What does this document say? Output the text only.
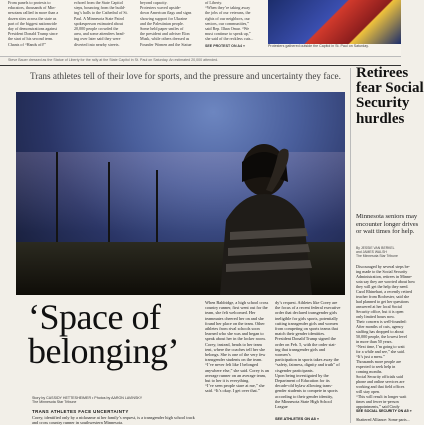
From panels to protests to

educators, thousands of Min-

nesotans rallied in more than a

dozen sites across the state as

part of the biggest nationwide

day of demonstrations against

President Donald Trump since

the start of his second term.

Chants of “Hands off!”

echoed from the State Capitol

steps, bouncing from the build-

ing’s halls to the Cathedral of St.

Paul. A Minnesota State Patrol

spokesperson estimated about

20,000 people crowded the

area, and some attendees head-

ing over later said they were

diverted into nearby streets.

beyond capacity.

Protesters waved upside-

down American flags and signs

showing support for Ukraine

and the Palestinian people.

Some held paper smiles of

the president and adviser Elon

Musk, while others dressed as

Founder Women and the Statue

of Liberty.

“When they’re taking away

the jobs of our veterans, the

rights of our neighbors, our

seniors, our communities,”

said Rep. Ilhan Omar. “We

must continue to speak up,”

she said of the reckless cuts...

SEE PROTEST ON A4 »	Protesters gathered outside the Capitol in St. Paul on Saturday.
Steve Bauer dressed as the Statue of Liberty for the rally at the State Capitol in St. Paul on Saturday. An estimated 20,000 attended.
Trans athletes tell of their love for sports, and the pressure and uncertainty they face.
‘Space of
belonging’
Story by CASSIDY HETTESHEIMER • Photos by AARON LAVINSKY
The Minnesota Star Tribune
TRANS ATHLETES FACE UNCERTAINTY
Corey, identified only by a nickname at her family’s request, is a transgender high school track and cross country runner in southwestern Minnesota.
When Baldridge, a high school cross
country runner, first went out for the
team, she felt welcomed. Her
teammates cheered her on and she
found her place on the team. Other
athletes from rival schools soon
learned who she was and began to
speak about her in the locker room.
Corey, instead, heads to her team
tent, where the coaches tell her she
belongs. She is one of the very few
transgender students on the team.
“I’ve never felt like I belonged
anywhere else,” she said. Corey is an
average runner on an average team,
but to her it is everything.
“I’ve seen people stare at me,” she
said. “It’s okay. I get over that.”
dy’s request. Athletes like Corey are
the focus of a recent federal executive
order that declared transgender girls
ineligible for girls sports, potentially
cutting transgender girls and women
from competing on sports teams that
match their gender identities.
President Donald Trump signed the
order on Feb. 5, with the order stat-
ing that transgender girls and women’s
participation in sports takes away the
“safety, fairness, dignity and truth” of
cisgender participants.
Upon being investigated by the
Department of Education for its
decade-old bylaw allowing trans-
gender students to compete in sports
according to their gender identity,
the Minnesota State High School League
SEE ATHLETES ON A8 »
Retirees
fear Social
Security
hurdles
Minnesota seniors may
encounter longer drives
or wait times for help.
By JESSIE VAN BERKEL
and JAMES WALSH
The Minnesota Star Tribune

Discouraged by several steps be-

ing made to the Social Security

Administration, retirees in Minne-

sota say they are worried about how

they will get the help they need.

Carol Rhinehart, a recently retired

teacher from Rochester, said she

had planned to get her questions

answered at her local Social

Security office, but it is open

only limited hours now.

Their concern is well-founded:

After months of cuts, agency

staffing has dropped to about

50,000 people, the lowest level

in more than 50 years.

“Next time, I’m going to wait

for a while and see,” she said.

“It’s just a mess.”

Thousands more people are

expected to seek help in

coming months.

Social Security officials said

phone and online services are

working and that field offices

will stay open.

“This will result in longer wait

times and fewer in-person

appointments,” said Cindy

SEE SOCIAL SECURITY ON A5 »
Shattered Alliance: Some parts...
